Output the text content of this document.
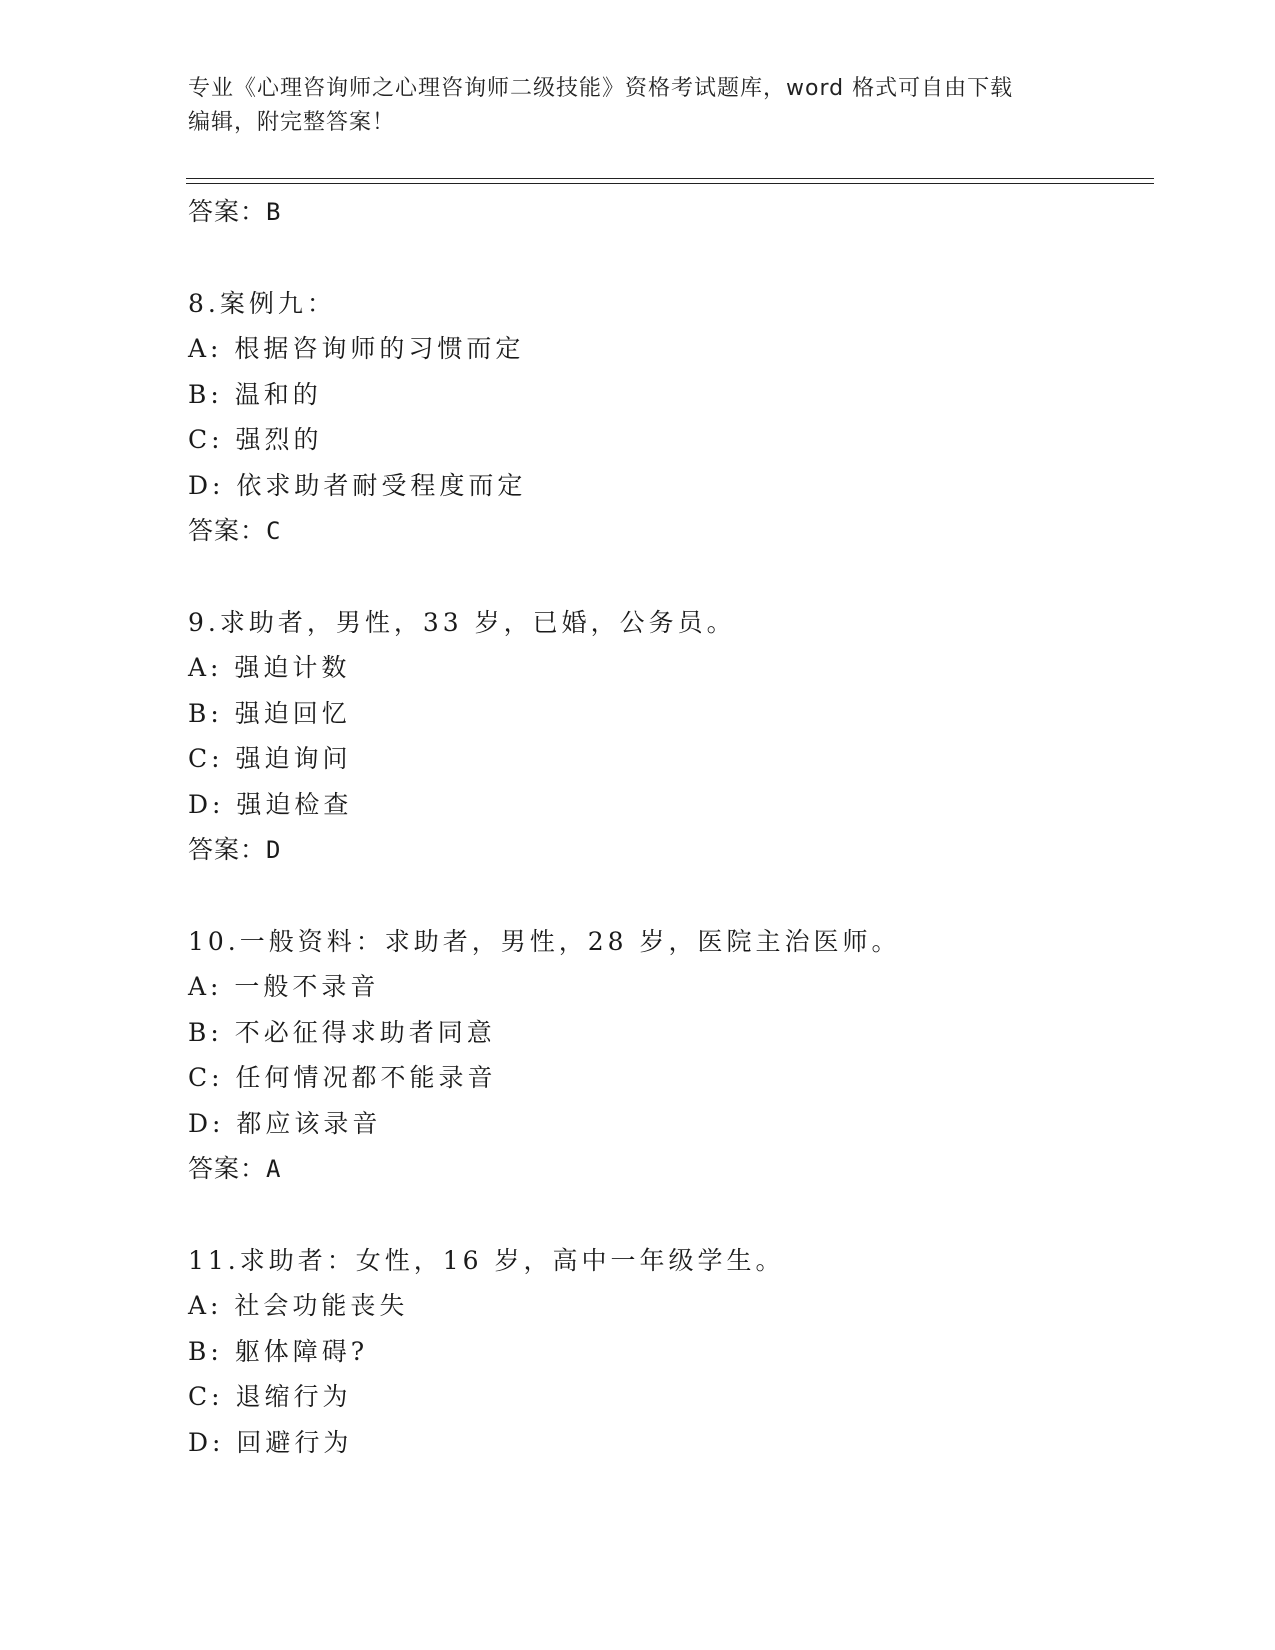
专业《心理咨询师之心理咨询师二级技能》资格考试题库，word 格式可自由下载
编辑，附完整答案！
答案：B
8.案例九：
A: 根据咨询师的习惯而定
B: 温和的
C: 强烈的
D: 依求助者耐受程度而定
答案：C
9.求助者，男性，33 岁，已婚，公务员。
A: 强迫计数
B: 强迫回忆
C: 强迫询问
D: 强迫检查
答案：D
10.一般资料：求助者，男性，28 岁，医院主治医师。
A: 一般不录音
B: 不必征得求助者同意
C: 任何情况都不能录音
D: 都应该录音
答案：A
11.求助者：女性，16 岁，高中一年级学生。
A: 社会功能丧失
B: 躯体障碍?
C: 退缩行为
D: 回避行为
